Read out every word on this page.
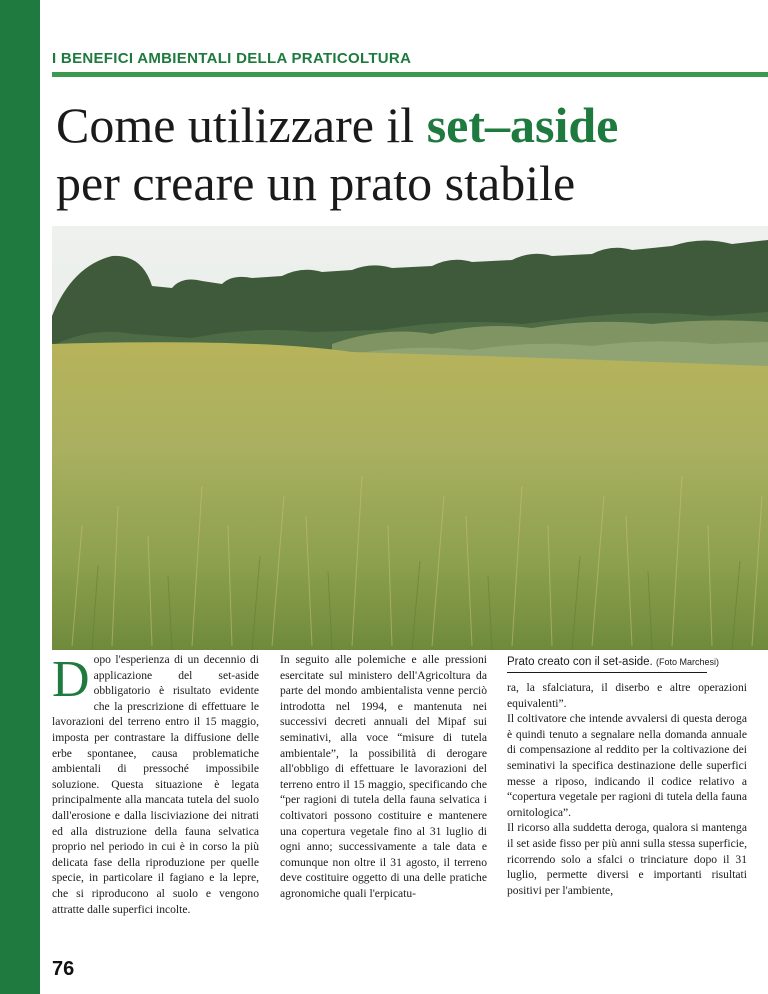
I BENEFICI AMBIENTALI DELLA PRATICOLTURA
Come utilizzare il set–aside
per creare un prato stabile
D opo l'esperienza di un decennio di applicazione del set-aside obbligatorio è risultato evidente che la prescrizione di effettuare le lavorazioni del terreno entro il 15 maggio, imposta per contrastare la diffusione delle erbe spontanee, causa problematiche ambientali di pressoché impossibile soluzione. Questa situazione è legata principalmente alla mancata tutela del suolo dall'erosione e dalla lisciviazione dei nitrati ed alla distruzione della fauna selvatica proprio nel periodo in cui è in corso la più delicata fase della riproduzione per quelle specie, in particolare il fagiano e la lepre, che si riproducono al suolo e vengono attratte dalle superfici incolte.
In seguito alle polemiche e alle pressioni esercitate sul ministero dell'Agricoltura da parte del mondo ambientalista venne perciò introdotta nel 1994, e mantenuta nei successivi decreti annuali del Mipaf sui seminativi, alla voce “misure di tutela ambientale”, la possibilità di derogare all'obbligo di effettuare le lavorazioni del terreno entro il 15 maggio, specificando che “per ragioni di tutela della fauna selvatica i coltivatori possono costituire e mantenere una copertura vegetale fino al 31 luglio di ogni anno; successivamente a tale data e comunque non oltre il 31 agosto, il terreno deve costituire oggetto di una delle pratiche agronomiche quali l'erpicatu-
Prato creato con il set-aside. (Foto Marchesi)

ra, la sfalciatura, il diserbo e altre operazioni equivalenti”.

Il coltivatore che intende avvalersi di questa deroga è quindi tenuto a segnalare nella domanda annuale di compensazione al reddito per la coltivazione dei seminativi la specifica destinazione delle superfici messe a riposo, indicando il codice relativo a “copertura vegetale per ragioni di tutela della fauna ornitologica”.

Il ricorso alla suddetta deroga, qualora si mantenga il set aside fisso per più anni sulla stessa superficie, ricorrendo solo a sfalci o trinciature dopo il 31 luglio, permette diversi e importanti risultati positivi per l'ambiente,

76
